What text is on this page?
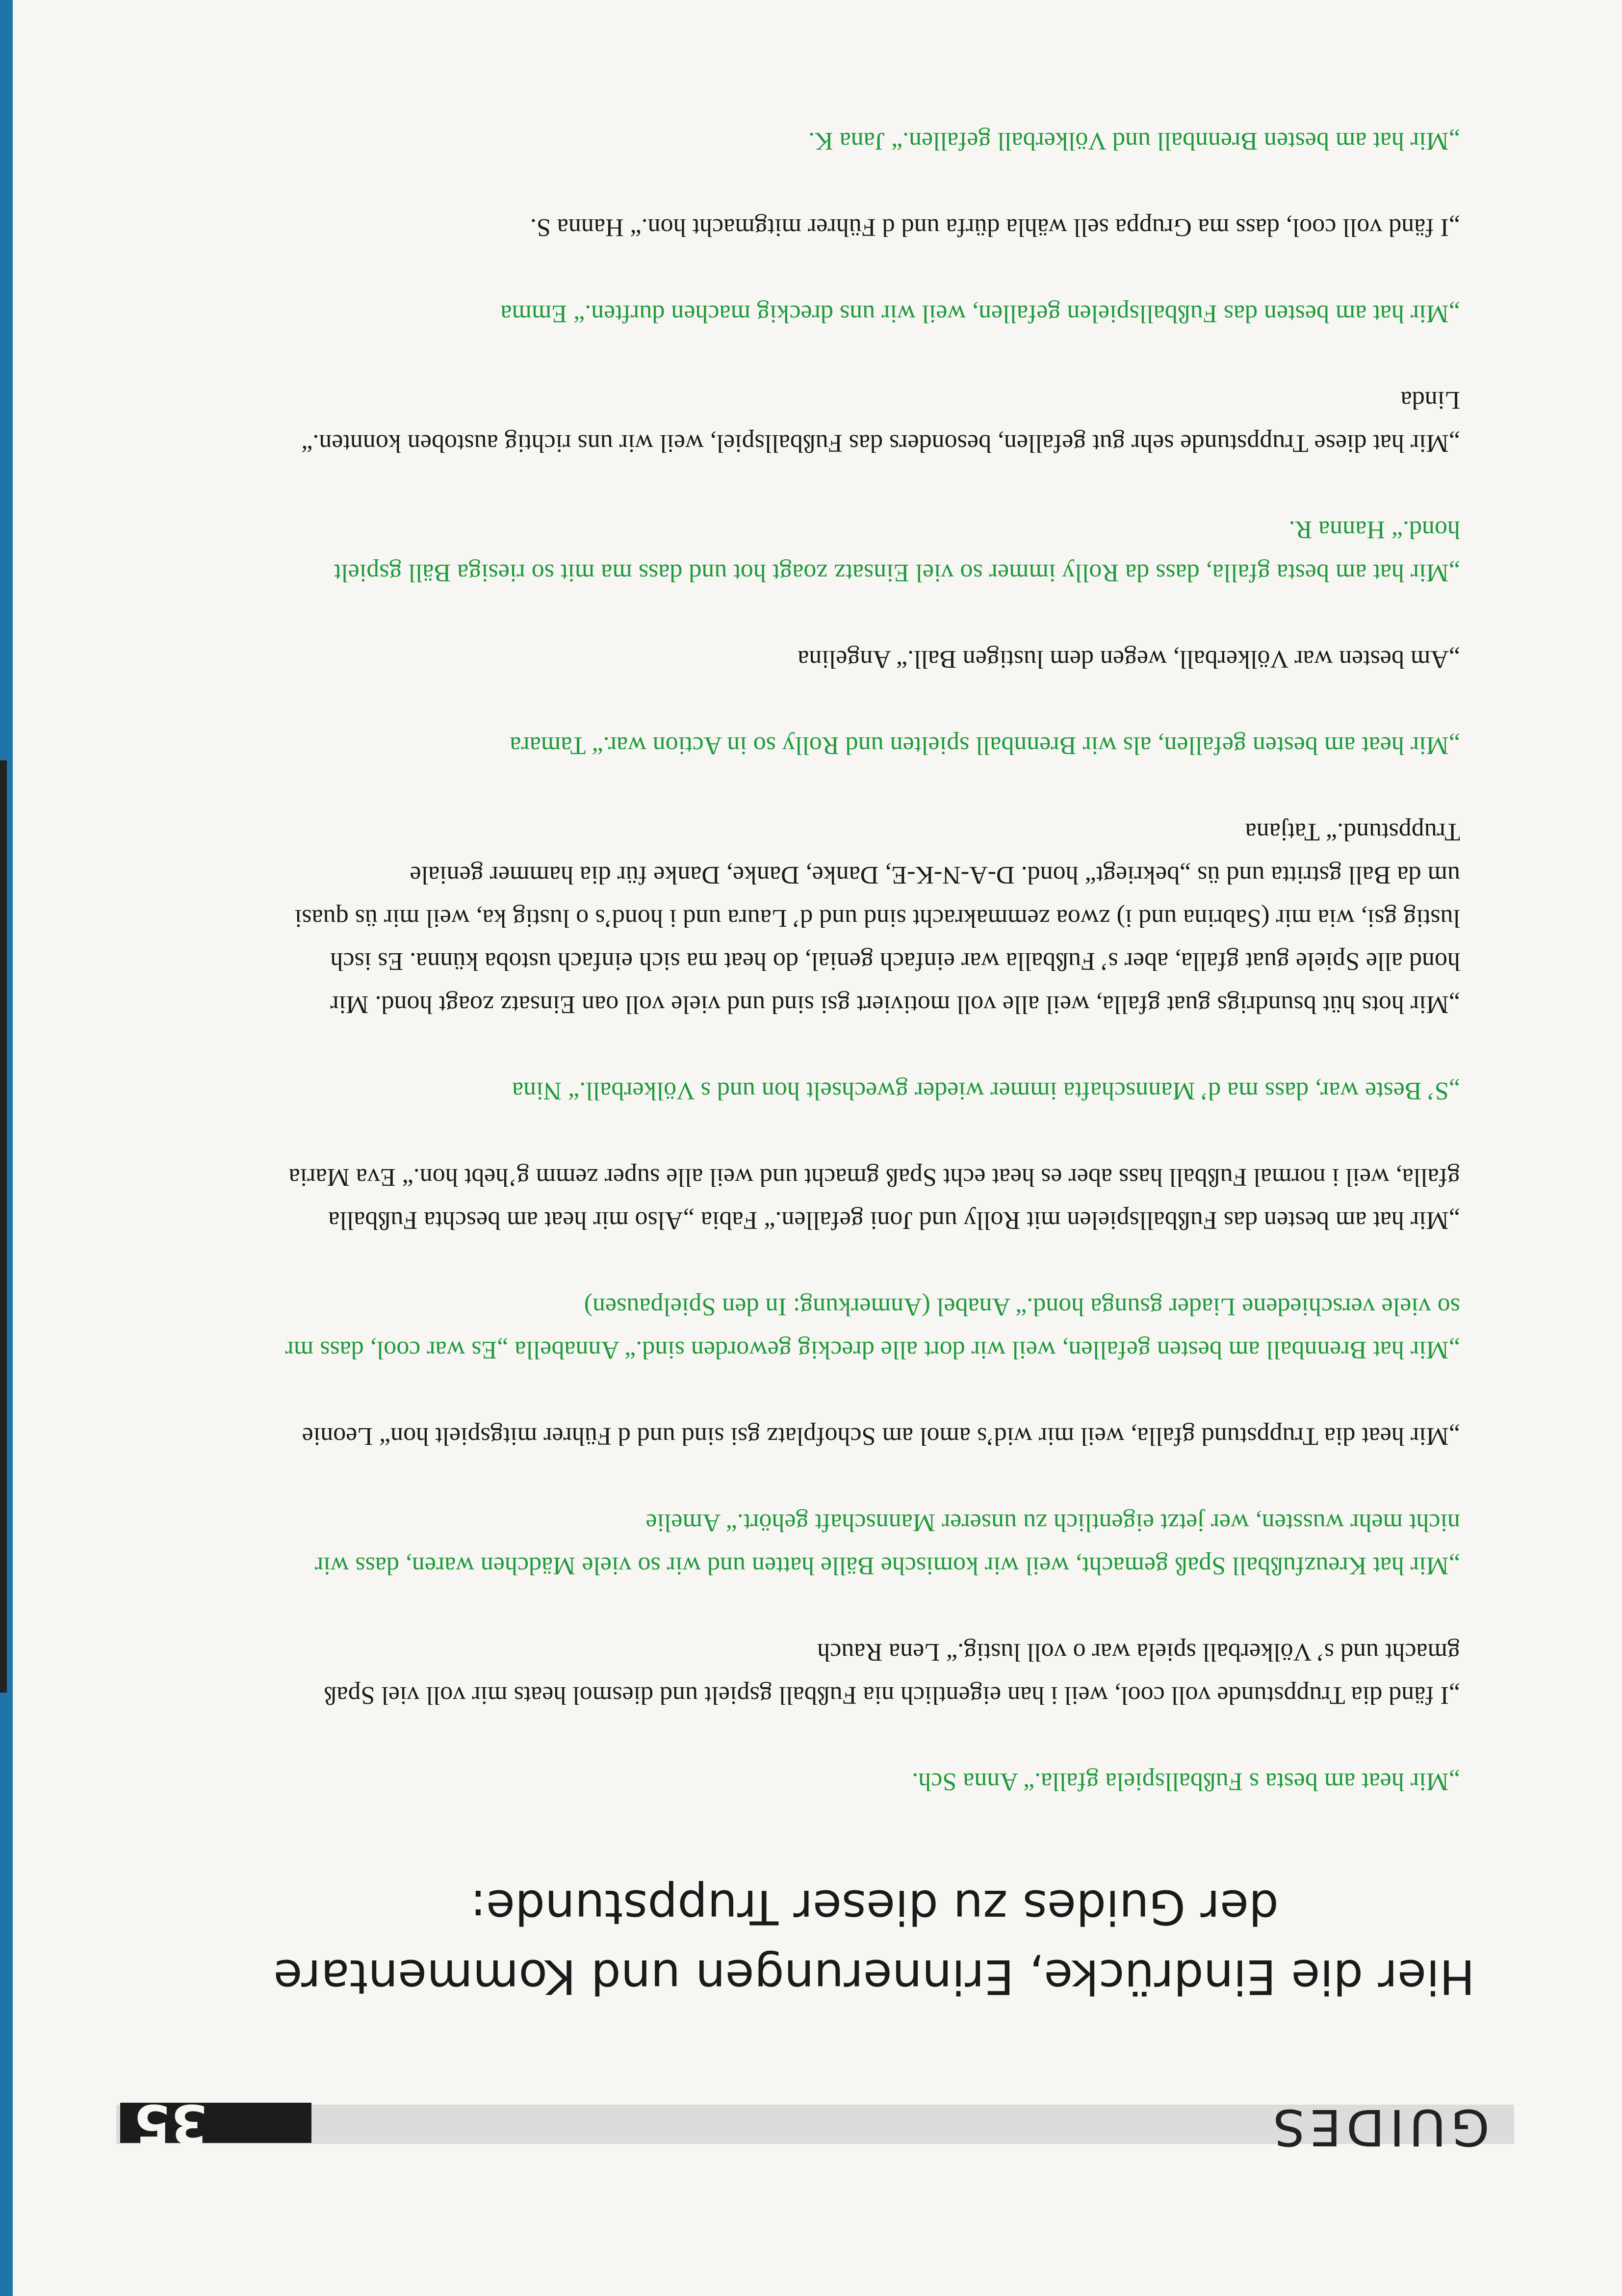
GUIDES
35
Hier die Eindrücke, Erinnerungen und Kommentare
der Guides zu dieser Truppstunde:

„Mir heat am besta s Fußballspiela gfalla.“ Anna Sch.

„I fänd dia Truppstunde voll cool, weil i han eigentlich nia Fußball gspielt und diesmol heats mir voll viel Spaß gmacht und s’ Völkerball spiela war o voll lustig.“ Lena Rauch

„Mir hat Kreuzfußball Spaß gemacht, weil wir komische Bälle hatten und wir so viele Mädchen waren, dass wir nicht mehr wussten, wer jetzt eigentlich zu unserer Mannschaft gehört.“ Amelie

„Mir heat dia Truppstund gfalla, weil mir wid’s amol am Schofplatz gsi sind und d Führer mitgspielt hon“ Leonie

„Mir hat Brennball am besten gefallen, weil wir dort alle dreckig geworden sind.“ Annabella „Es war cool, dass mr so viele verschiedene Liader gsunga hond.“ Anabel (Anmerkung: In den Spielpausen)

„Mir hat am besten das Fußballspielen mit Rolly und Joni gefallen.“ Fabia „Also mir heat am beschta Fußballa gfalla, weil i normal Fußball hass aber es heat echt Spaß gmacht und weil alle super zemm g’hebt hon.“ Eva Maria

„S’ Beste war, dass ma d’ Mannschafta immer wieder gwechselt hon und s Völkerball.“ Nina

„Mir hots hüt bsundrigs guat gfalla, weil alle voll motiviert gsi sind und viele voll oan Einsatz zoagt hond. Mir hond alle Spiele guat gfalla, aber s’ Fußballa war einfach genial, do heat ma sich einfach ustoba künna. Es isch lustig gsi, wia mir (Sabrina und i) zwoa zemmakracht sind und d’ Laura und i hond’s o lustig ka, weil mir üs quasi um da Ball gstritta und üs „bekriegt“ hond. D-A-N-K-E, Danke, Danke, Danke für dia hammer geniale Truppstund.“ Tatjana

„Mir heat am besten gefallen, als wir Brennball spielten und Rolly so in Action war.“ Tamara

„Am besten war Völkerball, wegen dem lustigen Ball.“ Angelina

„Mir hat am besta gfalla, dass da Rolly immer so viel Einsatz zoagt hot und dass ma mit so riesiga Bäll gspielt hond.“ Hanna R.

„Mir hat diese Truppstunde sehr gut gefallen, besonders das Fußballspiel, weil wir uns richtig austoben konnten.“ Linda

„Mir hat am besten das Fußballspielen gefallen, weil wir uns dreckig machen durften.“ Emma

„I fänd voll cool, dass ma Gruppa sell wähla dürfa und d Führer mitgmacht hon.“ Hanna S.

„Mir hat am besten Brennball und Völkerball gefallen.“ Jana K.
